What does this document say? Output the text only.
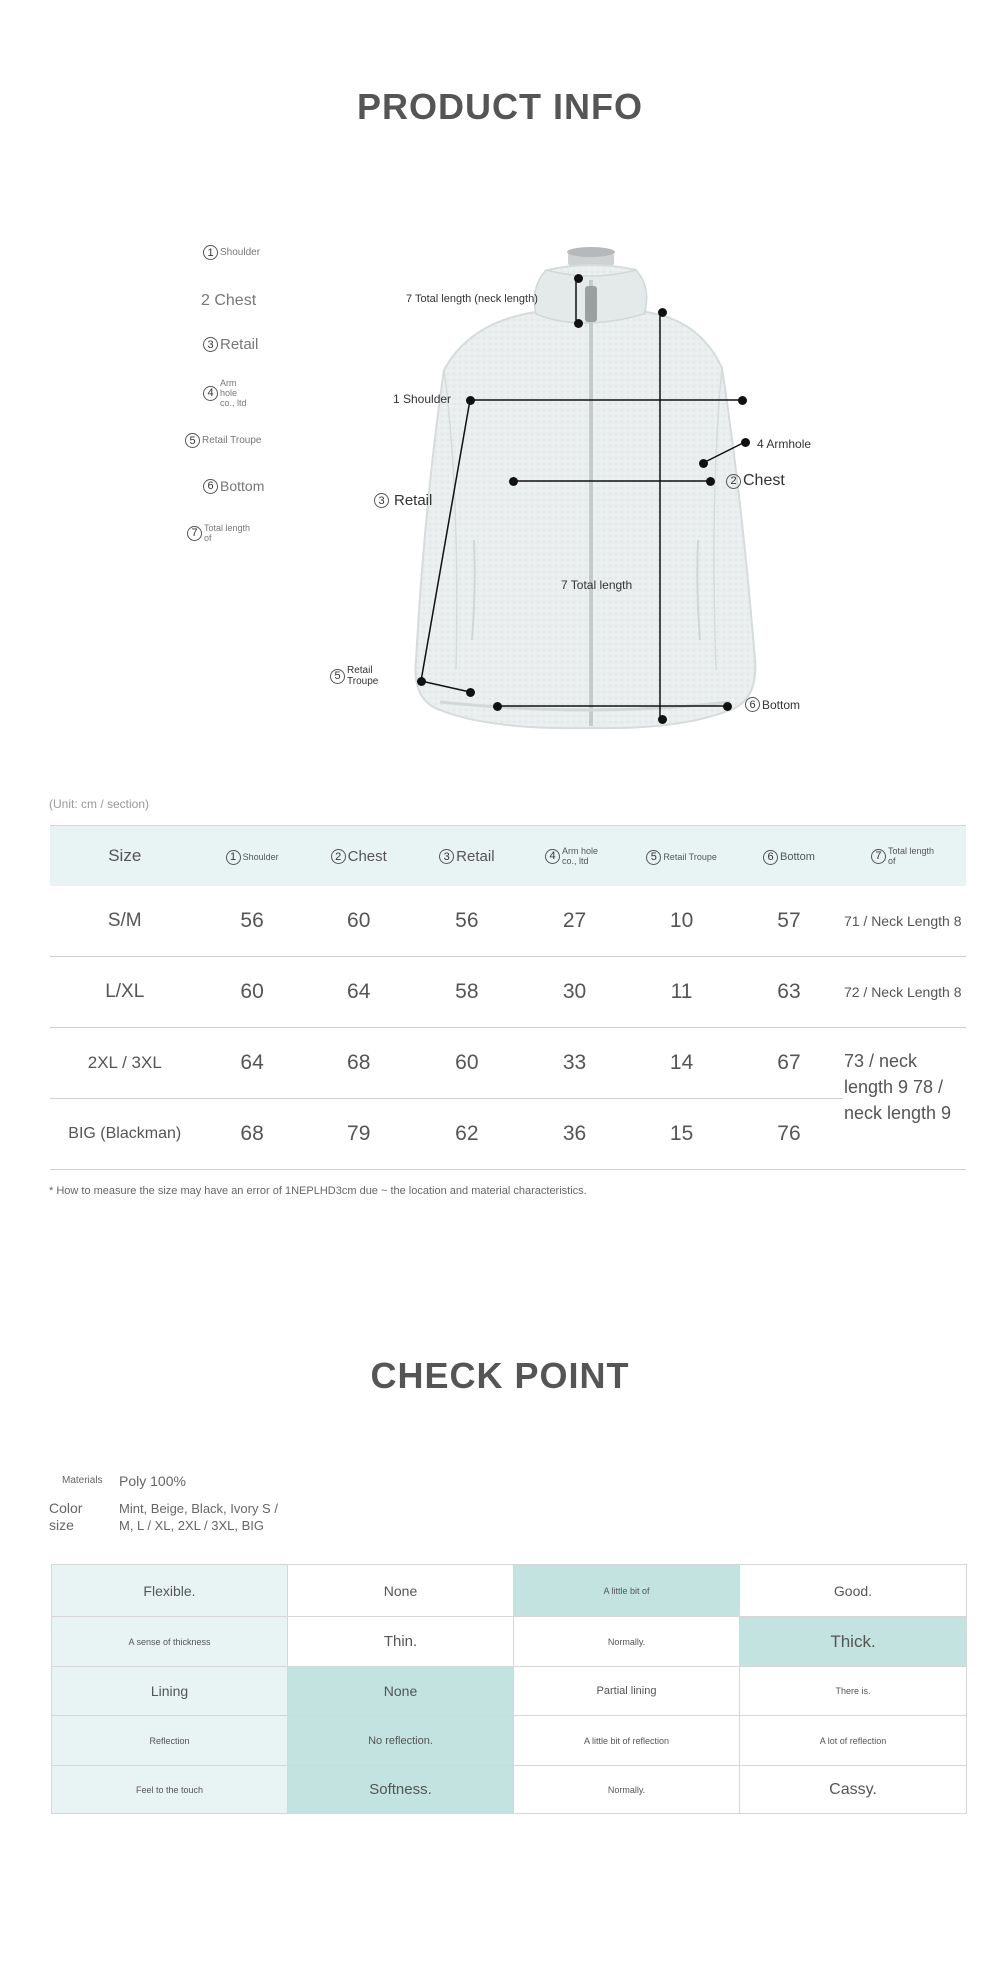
PRODUCT INFO
1 Shoulder
2 Chest
3 Retail
4
Arm
hole
co., ltd
5 Retail Troupe
6 Bottom
7 Total length
of
7 Total length (neck length)
1 Shoulder
4 Armhole
2 Chest
3 Retail
7 Total length
5 Retail
Troupe
6 Bottom
(Unit: cm / section)
Size	1 Shoulder	2 Chest	3 Retail	4 Arm hole co., ltd	5 Retail Troupe	6 Bottom	7 Total length of

S/M	56	60	56	27	10	57	71 / Neck Length 8
L/XL	60	64	58	30	11	63	72 / Neck Length 8
2XL / 3XL	64	68	60	33	14	67	73 / neck length 9 78 / neck length 9
BIG (Blackman)	68	79	62	36	15	76	
* How to measure the size may have an error of 1NEPLHD3cm due ~ the location and material characteristics.
CHECK POINT
Materials Poly 100%
Color
size
Mint, Beige, Black, Ivory S /
M, L / XL, 2XL / 3XL, BIG
Flexible.	None	A little bit of	Good.
A sense of thickness	Thin.	Normally.	Thick.
Lining	None	Partial lining	There is.
Reflection	No reflection.	A little bit of reflection	A lot of reflection
Feel to the touch	Softness.	Normally.	Cassy.
